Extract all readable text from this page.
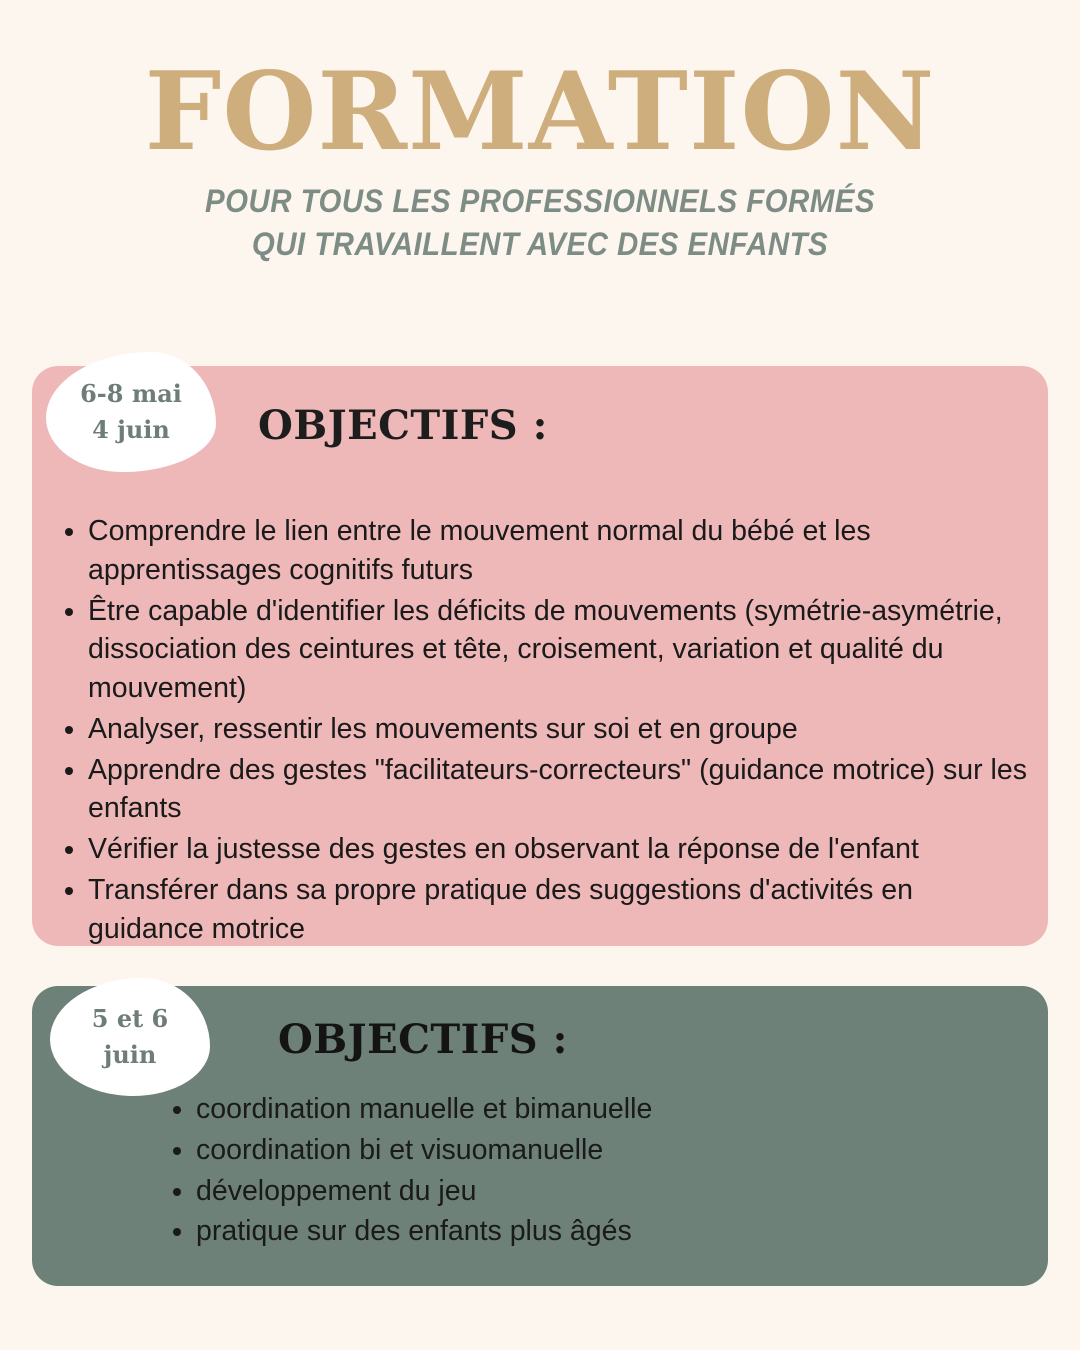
FORMATION
POUR TOUS LES PROFESSIONNELS FORMÉS
QUI TRAVAILLENT AVEC DES ENFANTS
6-8 mai
4 juin OBJECTIFS :
• Comprendre le lien entre le mouvement normal du bébé et les apprentissages cognitifs futurs
• Être capable d'identifier les déficits de mouvements (symétrie-asymétrie, dissociation des ceintures et tête, croisement, variation et qualité du mouvement)
• Analyser, ressentir les mouvements sur soi et en groupe
• Apprendre des gestes "facilitateurs-correcteurs" (guidance motrice) sur les enfants
• Vérifier la justesse des gestes en observant la réponse de l'enfant
• Transférer dans sa propre pratique des suggestions d'activités en guidance motrice
5 et 6
juin	OBJECTIFS :
• coordination manuelle et bimanuelle
• coordination bi et visuomanuelle
• développement du jeu
• pratique sur des enfants plus âgés
